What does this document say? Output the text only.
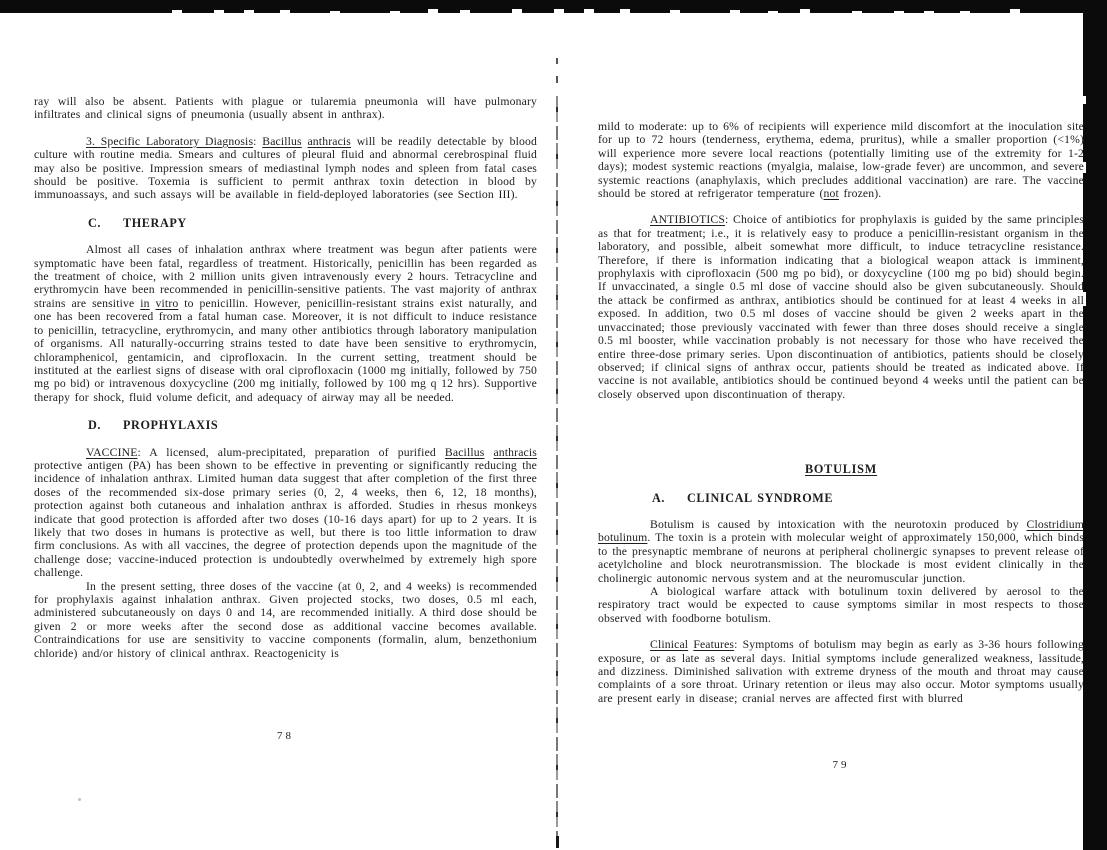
ray will also be absent. Patients with plague or tularemia pneumonia will have pulmonary infiltrates and clinical signs of pneumonia (usually absent in anthrax).

3. Specific Laboratory Diagnosis: Bacillus anthracis will be readily detectable by blood culture with routine media. Smears and cultures of pleural fluid and abnormal cerebrospinal fluid may also be positive. Impression smears of mediastinal lymph nodes and spleen from fatal cases should be positive. Toxemia is sufficient to permit anthrax toxin detection in blood by immunoassays, and such assays will be available in field-deployed laboratories (see Section III).

C. THERAPY

Almost all cases of inhalation anthrax where treatment was begun after patients were symptomatic have been fatal, regardless of treatment. Historically, penicillin has been regarded as the treatment of choice, with 2 million units given intravenously every 2 hours. Tetracycline and erythromycin have been recommended in penicillin-sensitive patients. The vast majority of anthrax strains are sensitive in vitro to penicillin. However, penicillin-resistant strains exist naturally, and one has been recovered from a fatal human case. Moreover, it is not difficult to induce resistance to penicillin, tetracycline, erythromycin, and many other antibiotics through laboratory manipulation of organisms. All naturally-occurring strains tested to date have been sensitive to erythromycin, chloramphenicol, gentamicin, and ciprofloxacin. In the current setting, treatment should be instituted at the earliest signs of disease with oral ciprofloxacin (1000 mg initially, followed by 750 mg po bid) or intravenous doxycycline (200 mg initially, followed by 100 mg q 12 hrs). Supportive therapy for shock, fluid volume deficit, and adequacy of airway may all be needed.

D. PROPHYLAXIS

VACCINE: A licensed, alum-precipitated, preparation of purified Bacillus anthracis protective antigen (PA) has been shown to be effective in preventing or significantly reducing the incidence of inhalation anthrax. Limited human data suggest that after completion of the first three doses of the recommended six-dose primary series (0, 2, 4 weeks, then 6, 12, 18 months), protection against both cutaneous and inhalation anthrax is afforded. Studies in rhesus monkeys indicate that good protection is afforded after two doses (10-16 days apart) for up to 2 years. It is likely that two doses in humans is protective as well, but there is too little information to draw firm conclusions. As with all vaccines, the degree of protection depends upon the magnitude of the challenge dose; vaccine-induced protection is undoubtedly overwhelmed by extremely high spore challenge.

In the present setting, three doses of the vaccine (at 0, 2, and 4 weeks) is recommended for prophylaxis against inhalation anthrax. Given projected stocks, two doses, 0.5 ml each, administered subcutaneously on days 0 and 14, are recommended initially. A third dose should be given 2 or more weeks after the second dose as additional vaccine becomes available. Contraindications for use are sensitivity to vaccine components (formalin, alum, benzethonium chloride) and/or history of clinical anthrax. Reactogenicity is

mild to moderate: up to 6% of recipients will experience mild discomfort at the inoculation site for up to 72 hours (tenderness, erythema, edema, pruritus), while a smaller proportion (<1%) will experience more severe local reactions (potentially limiting use of the extremity for 1-2 days); modest systemic reactions (myalgia, malaise, low-grade fever) are uncommon, and severe systemic reactions (anaphylaxis, which precludes additional vaccination) are rare. The vaccine should be stored at refrigerator temperature (not frozen).

ANTIBIOTICS: Choice of antibiotics for prophylaxis is guided by the same principles as that for treatment; i.e., it is relatively easy to produce a penicillin-resistant organism in the laboratory, and possible, albeit somewhat more difficult, to induce tetracycline resistance. Therefore, if there is information indicating that a biological weapon attack is imminent, prophylaxis with ciprofloxacin (500 mg po bid), or doxycycline (100 mg po bid) should begin. If unvaccinated, a single 0.5 ml dose of vaccine should also be given subcutaneously. Should the attack be confirmed as anthrax, antibiotics should be continued for at least 4 weeks in all exposed. In addition, two 0.5 ml doses of vaccine should be given 2 weeks apart in the unvaccinated; those previously vaccinated with fewer than three doses should receive a single 0.5 ml booster, while vaccination probably is not necessary for those who have received the entire three-dose primary series. Upon discontinuation of antibiotics, patients should be closely observed; if clinical signs of anthrax occur, patients should be treated as indicated above. If vaccine is not available, antibiotics should be continued beyond 4 weeks until the patient can be closely observed upon discontinuation of therapy.

BOTULISM
A. CLINICAL SYNDROME

Botulism is caused by intoxication with the neurotoxin produced by Clostridium botulinum. The toxin is a protein with molecular weight of approximately 150,000, which binds to the presynaptic membrane of neurons at peripheral cholinergic synapses to prevent release of acetylcholine and block neurotransmission. The blockade is most evident clinically in the cholinergic autonomic nervous system and at the neuromuscular junction.

A biological warfare attack with botulinum toxin delivered by aerosol to the respiratory tract would be expected to cause symptoms similar in most respects to those observed with foodborne botulism.

Clinical Features: Symptoms of botulism may begin as early as 3-36 hours following exposure, or as late as several days. Initial symptoms include generalized weakness, lassitude, and dizziness. Diminished salivation with extreme dryness of the mouth and throat may cause complaints of a sore throat. Urinary retention or ileus may also occur. Motor symptoms usually are present early in disease; cranial nerves are affected first with blurred

78
79
